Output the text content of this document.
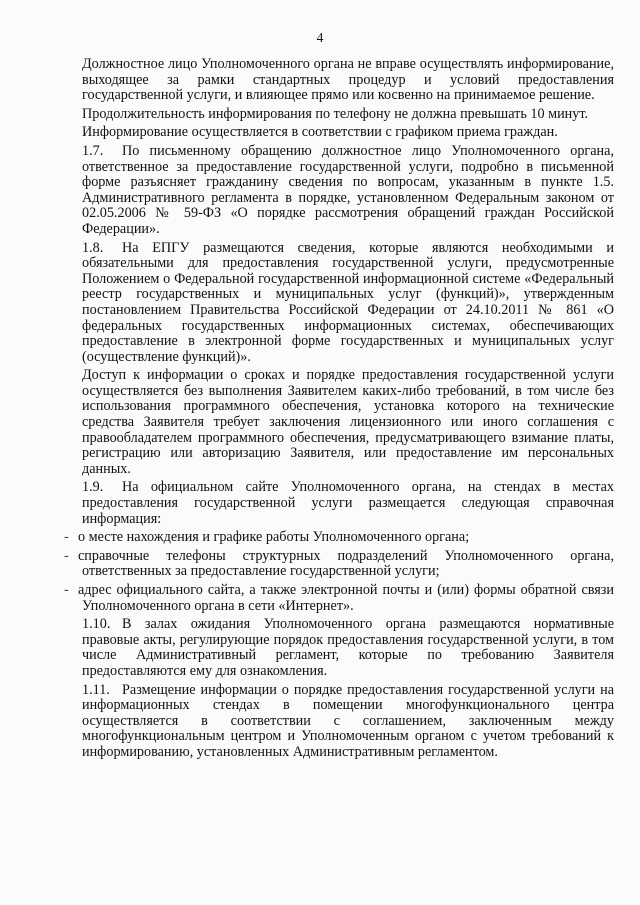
4

Должностное лицо Уполномоченного органа не вправе осуществлять информирование, выходящее за рамки стандартных процедур и условий предоставления государственной услуги, и влияющее прямо или косвенно на принимаемое решение.

Продолжительность информирования по телефону не должна превышать 10 минут.

Информирование осуществляется в соответствии с графиком приема граждан.

1.7. По письменному обращению должностное лицо Уполномоченного органа, ответственное за предоставление государственной услуги, подробно в письменной форме разъясняет гражданину сведения по вопросам, указанным в пункте 1.5. Административного регламента в порядке, установленном Федеральным законом от 02.05.2006 № 59-ФЗ «О порядке рассмотрения обращений граждан Российской Федерации».

1.8. На ЕПГУ размещаются сведения, которые являются необходимыми и обязательными для предоставления государственной услуги, предусмотренные Положением о Федеральной государственной информационной системе «Федеральный реестр государственных и муниципальных услуг (функций)», утвержденным постановлением Правительства Российской Федерации от 24.10.2011 № 861 «О федеральных государственных информационных системах, обеспечивающих предоставление в электронной форме государственных и муниципальных услуг (осуществление функций)».

Доступ к информации о сроках и порядке предоставления государственной услуги осуществляется без выполнения Заявителем каких-либо требований, в том числе без использования программного обеспечения, установка которого на технические средства Заявителя требует заключения лицензионного или иного соглашения с правообладателем программного обеспечения, предусматривающего взимание платы, регистрацию или авторизацию Заявителя, или предоставление им персональных данных.

1.9. На официальном сайте Уполномоченного органа, на стендах в местах предоставления государственной услуги размещается следующая справочная информация:

- о месте нахождения и графике работы Уполномоченного органа;

- справочные телефоны структурных подразделений Уполномоченного органа, ответственных за предоставление государственной услуги;

- адрес официального сайта, а также электронной почты и (или) формы обратной связи Уполномоченного органа в сети «Интернет».

1.10. В залах ожидания Уполномоченного органа размещаются нормативные правовые акты, регулирующие порядок предоставления государственной услуги, в том числе Административный регламент, которые по требованию Заявителя предоставляются ему для ознакомления.

1.11. Размещение информации о порядке предоставления государственной услуги на информационных стендах в помещении многофункционального центра осуществляется в соответствии с соглашением, заключенным между многофункциональным центром и Уполномоченным органом с учетом требований к информированию, установленных Административным регламентом.
